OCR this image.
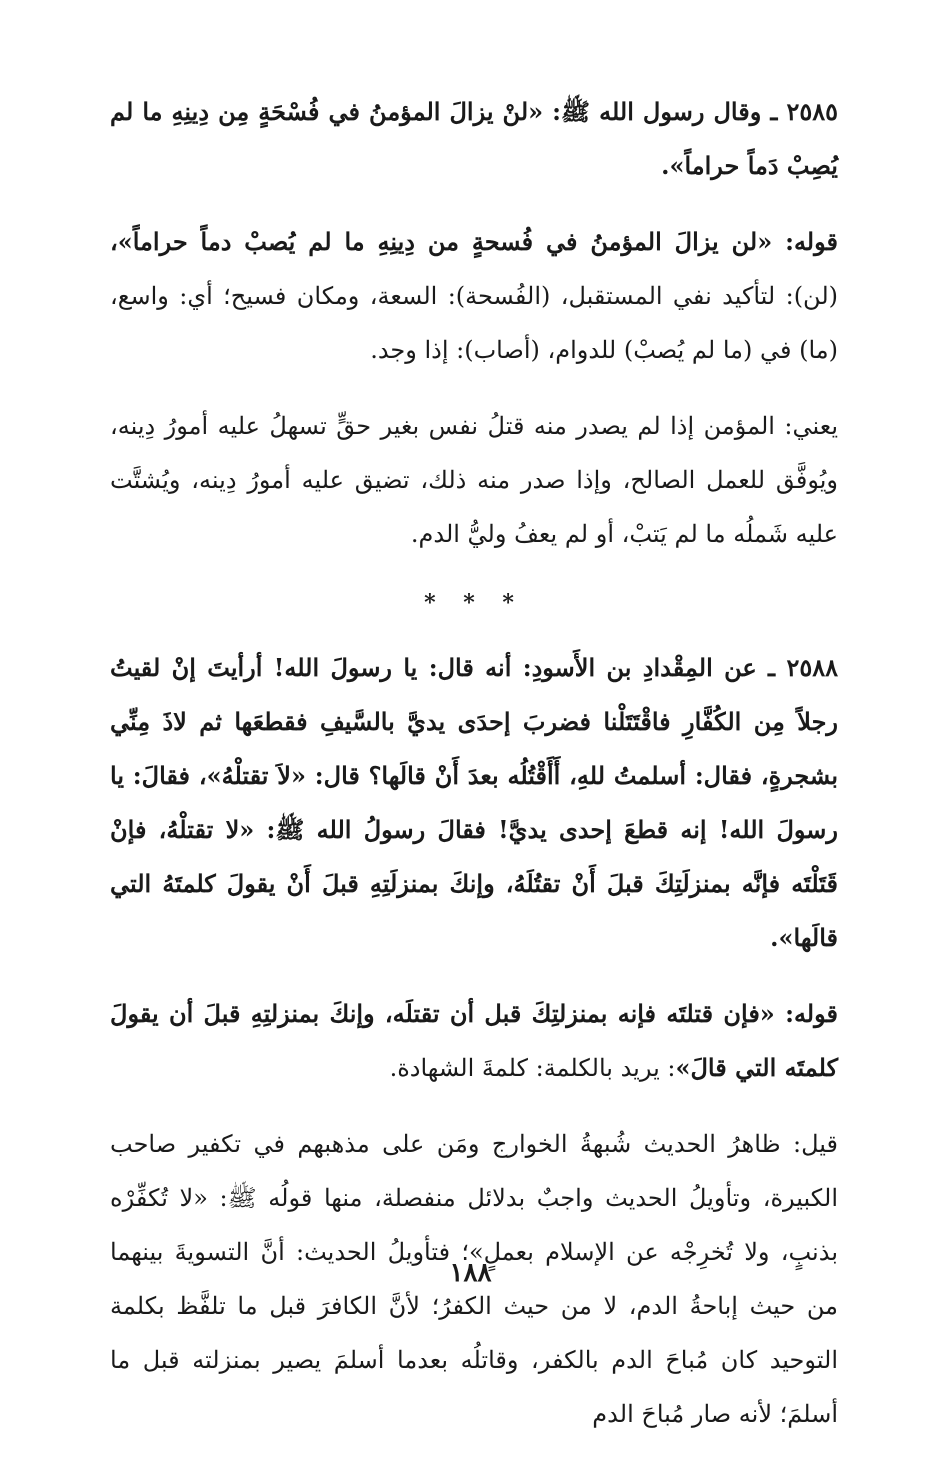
٢٥٨٥ ـ وقال رسول الله ﷺ: «لنْ يزالَ المؤمنُ في فُسْحَةٍ مِن دِينِهِ ما لم يُصِبْ دَماً حراماً».

قوله: «لن يزالَ المؤمنُ في فُسحةٍ من دِينِهِ ما لم يُصبْ دماً حراماً»، (لن): لتأكيد نفي المستقبل، (الفُسحة): السعة، ومكان فسيح؛ أي: واسع، (ما) في (ما لم يُصبْ) للدوام، (أصاب): إذا وجد.

يعني: المؤمن إذا لم يصدر منه قتلُ نفس بغير حقٍّ تسهلُ عليه أمورُ دِينه، ويُوفَّق للعمل الصالح، وإذا صدر منه ذلك، تضيق عليه أمورُ دِينه، ويُشتَّت عليه شَملُه ما لم يَتبْ، أو لم يعفُ وليُّ الدم.

* * *

٢٥٨٨ ـ عن المِقْدادِ بن الأَسودِ: أنه قال: يا رسولَ الله! أرأيتَ إنْ لقيتُ رجلاً مِن الكُفَّارِ فاقْتَتَلْنا فضربَ إحدَى يديَّ بالسَّيفِ فقطعَها ثم لاذَ مِنِّي بشجرةٍ، فقال: أسلمتُ للهِ، أَأَقْتُلُه بعدَ أَنْ قالَها؟ قال: «لاَ تقتلْهُ»، فقالَ: يا رسولَ الله! إنه قطعَ إحدى يديَّ! فقالَ رسولُ الله ﷺ: «لا تقتلْهُ، فإنْ قَتَلْتَه فإنَّه بمنزلَتِكَ قبلَ أَنْ تقتُلَهُ، وإنكَ بمنزلَتِهِ قبلَ أَنْ يقولَ كلمتَهُ التي قالَها».

قوله: «فإن قتلتَه فإنه بمنزلتِكَ قبل أن تقتلَه، وإنكَ بمنزلتِهِ قبلَ أن يقولَ كلمتَه التي قالَ»: يريد بالكلمة: كلمةَ الشهادة.

قيل: ظاهرُ الحديث شُبهةُ الخوارج ومَن على مذهبهم في تكفير صاحب الكبيرة، وتأويلُ الحديث واجبٌ بدلائل منفصلة، منها قولُه ﷺ: «لا تُكفِّرْه بذنبٍ، ولا تُخرِجْه عن الإسلام بعملٍ»؛ فتأويلُ الحديث: أنَّ التسويةَ بينهما من حيث إباحةُ الدم، لا من حيث الكفرُ؛ لأنَّ الكافرَ قبل ما تلفَّظ بكلمة التوحيد كان مُباحَ الدم بالكفر، وقاتلُه بعدما أسلمَ يصير بمنزلته قبل ما أسلمَ؛ لأنه صار مُباحَ الدم

١٨٨
